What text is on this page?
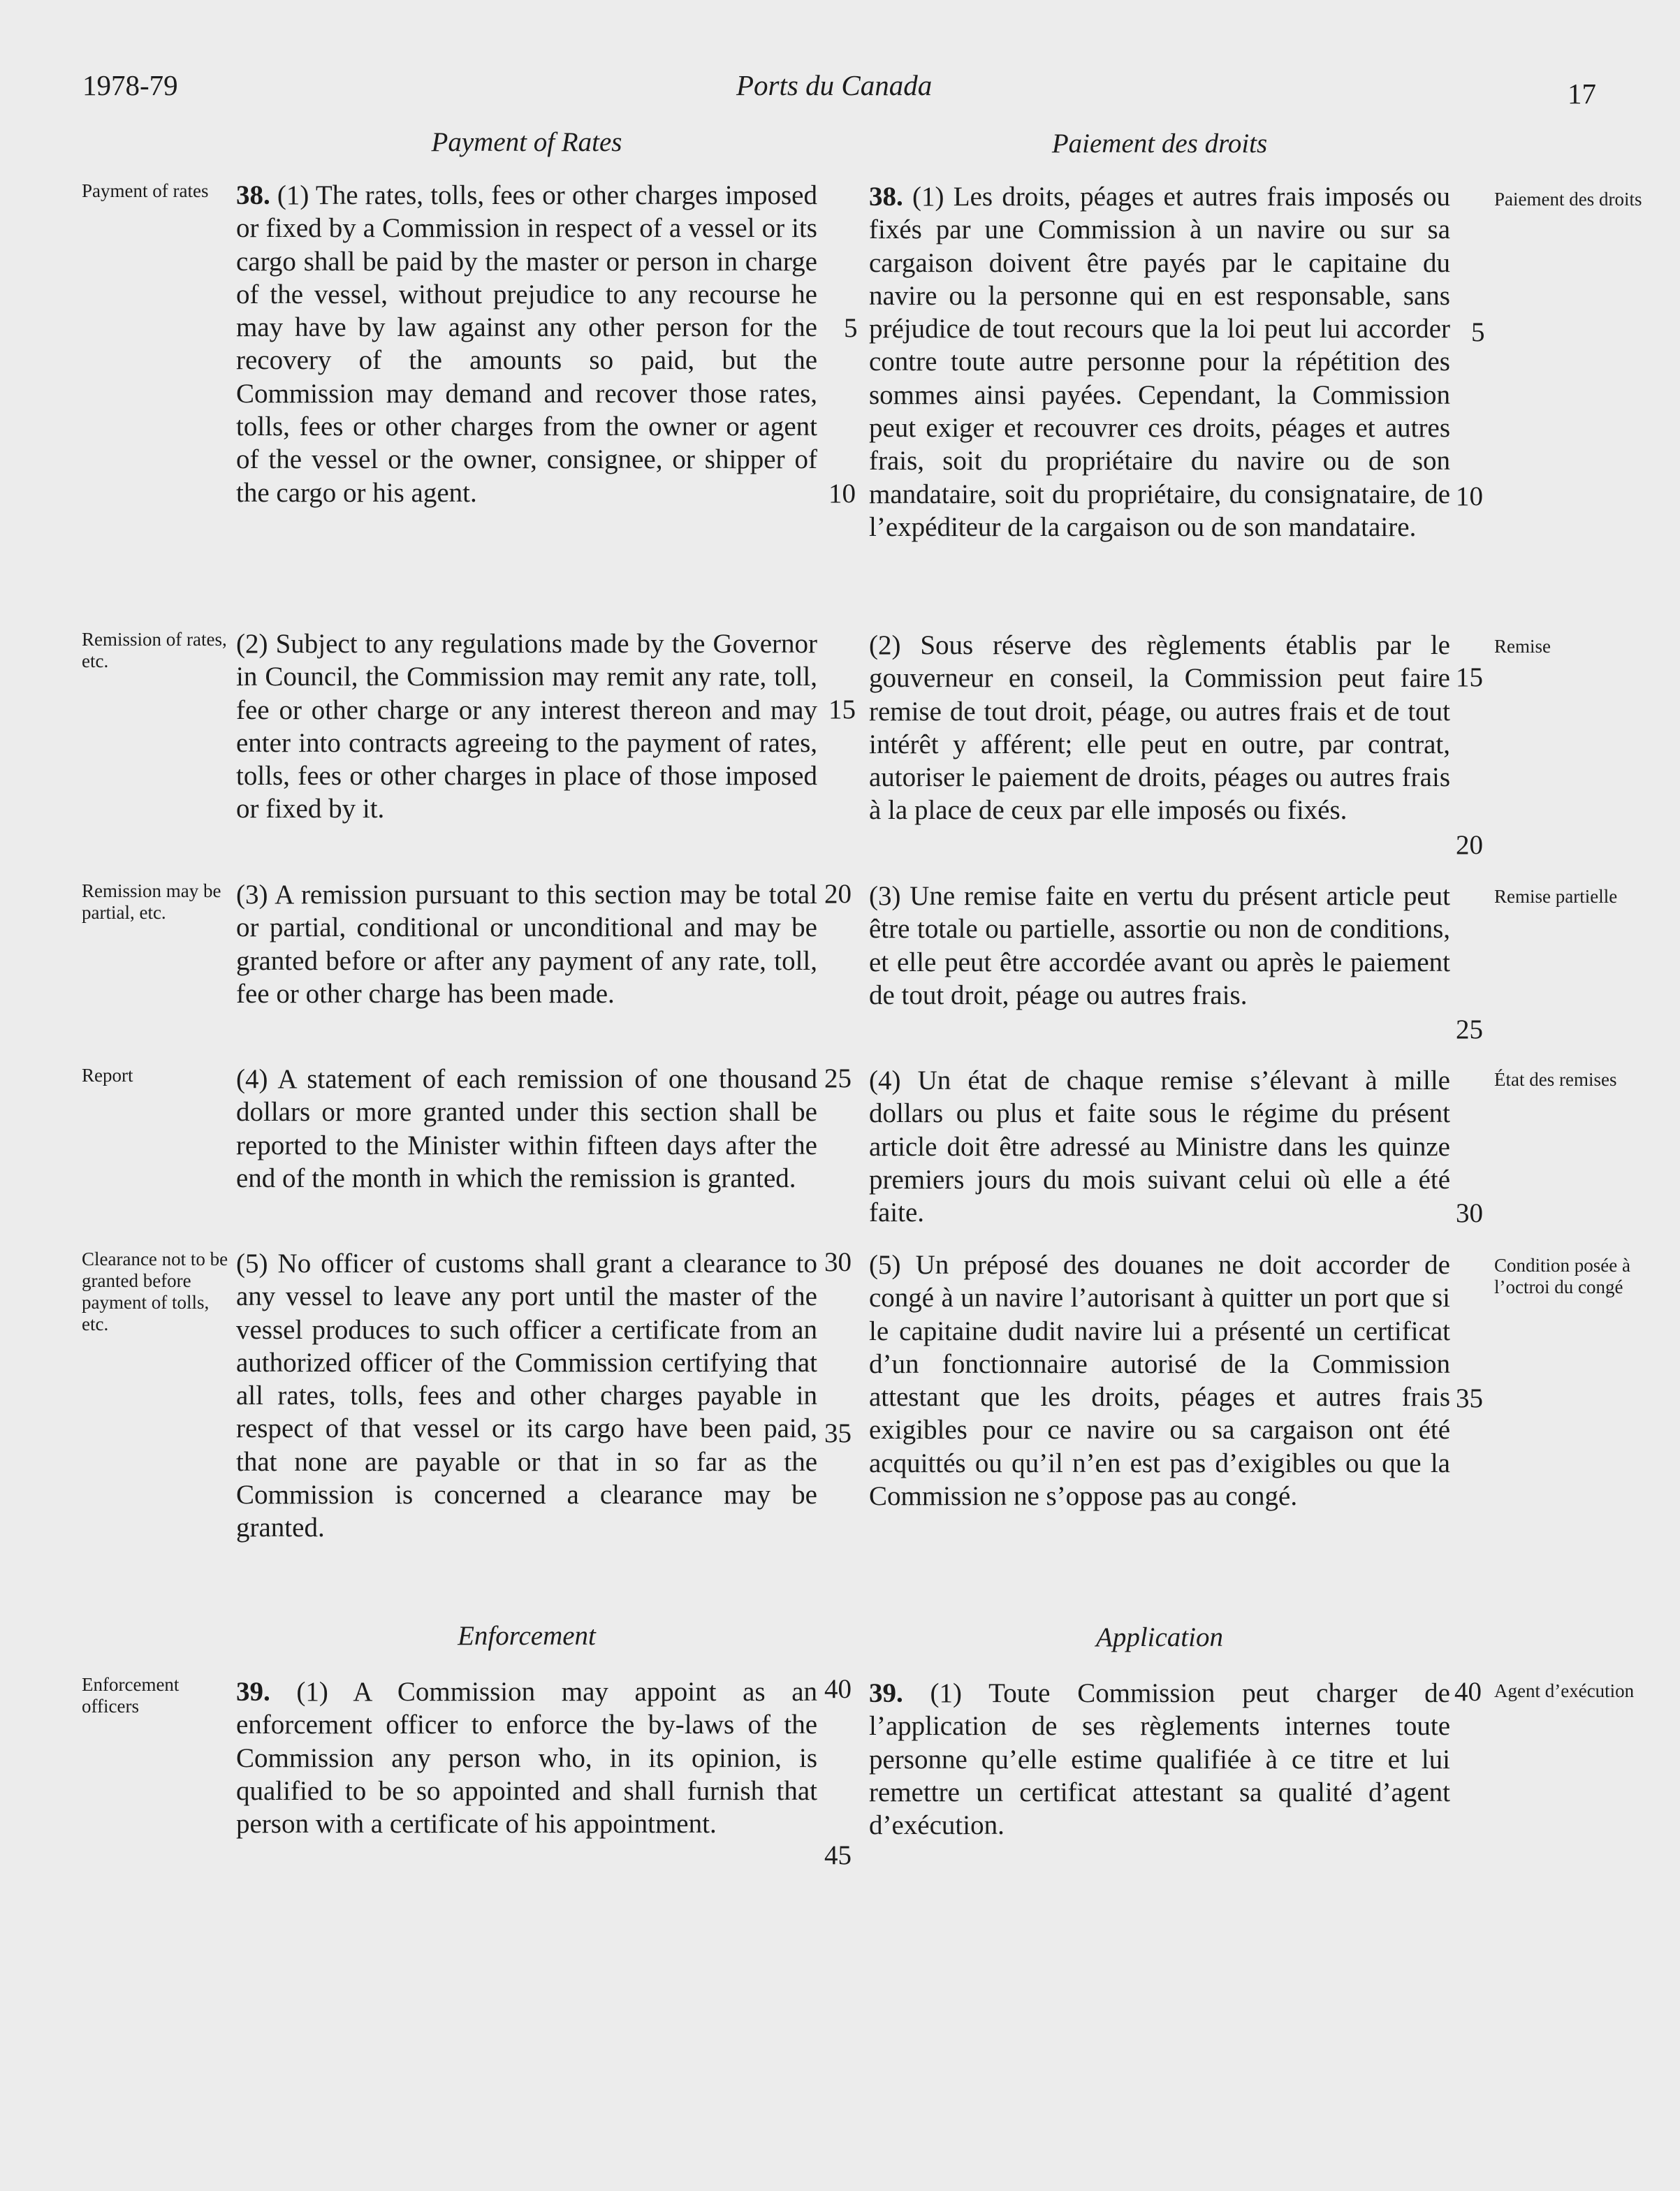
1978-79	Ports du Canada	17
Payment of Rates	Paiement des droits
Enforcement	Application
38. (1) The rates, tolls, fees or other charges imposed or fixed by a Commission in respect of a vessel or its cargo shall be paid by the master or person in charge of the vessel, without prejudice to any recourse he may have by law against any other person for the recovery of the amounts so paid, but the Commission may demand and recover those rates, tolls, fees or other charges from the owner or agent of the vessel or the owner, consignee, or shipper of the cargo or his agent.
(2) Subject to any regulations made by the Governor in Council, the Commission may remit any rate, toll, fee or other charge or any interest thereon and may enter into contracts agreeing to the payment of rates, tolls, fees or other charges in place of those imposed or fixed by it.
(3) A remission pursuant to this section may be total or partial, conditional or unconditional and may be granted before or after any payment of any rate, toll, fee or other charge has been made.
(4) A statement of each remission of one thousand dollars or more granted under this section shall be reported to the Minister within fifteen days after the end of the month in which the remission is granted.
(5) No officer of customs shall grant a clearance to any vessel to leave any port until the master of the vessel produces to such officer a certificate from an authorized officer of the Commission certifying that all rates, tolls, fees and other charges payable in respect of that vessel or its cargo have been paid, that none are payable or that in so far as the Commission is concerned a clearance may be granted.
39. (1) A Commission may appoint as an enforcement officer to enforce the by-laws of the Commission any person who, in its opinion, is qualified to be so appointed and shall furnish that person with a certificate of his appointment.
38. (1) Les droits, péages et autres frais imposés ou fixés par une Commission à un navire ou sur sa cargaison doivent être payés par le capitaine du navire ou la personne qui en est responsable, sans préjudice de tout recours que la loi peut lui accorder contre toute autre personne pour la répétition des sommes ainsi payées. Cependant, la Commission peut exiger et recouvrer ces droits, péages et autres frais, soit du propriétaire du navire ou de son mandataire, soit du propriétaire, du consignataire, de l’expéditeur de la cargaison ou de son mandataire.
(2) Sous réserve des règlements établis par le gouverneur en conseil, la Commission peut faire remise de tout droit, péage, ou autres frais et de tout intérêt y afférent; elle peut en outre, par contrat, autoriser le paiement de droits, péages ou autres frais à la place de ceux par elle imposés ou fixés.
(3) Une remise faite en vertu du présent article peut être totale ou partielle, assortie ou non de conditions, et elle peut être accordée avant ou après le paiement de tout droit, péage ou autres frais.
(4) Un état de chaque remise s’élevant à mille dollars ou plus et faite sous le régime du présent article doit être adressé au Ministre dans les quinze premiers jours du mois suivant celui où elle a été faite.
(5) Un préposé des douanes ne doit accorder de congé à un navire l’autorisant à quitter un port que si le capitaine dudit navire lui a présenté un certificat d’un fonctionnaire autorisé de la Commission attestant que les droits, péages et autres frais exigibles pour ce navire ou sa cargaison ont été acquittés ou qu’il n’en est pas d’exigibles ou que la Commission ne s’oppose pas au congé.
39. (1) Toute Commission peut charger de l’application de ses règlements internes toute personne qu’elle estime qualifiée à ce titre et lui remettre un certificat attestant sa qualité d’agent d’exécution.
Payment of rates
Remission of rates, etc.
Remission may be partial, etc.
Report
Clearance not to be granted before payment of tolls, etc.
Enforcement officers
Paiement des droits
Remise
Remise partielle
État des remises
Condition posée à l’octroi du congé
Agent d’exécution
5
10
15
20
25
30
35
40
45
5
10
15
20
25
30
35
40
